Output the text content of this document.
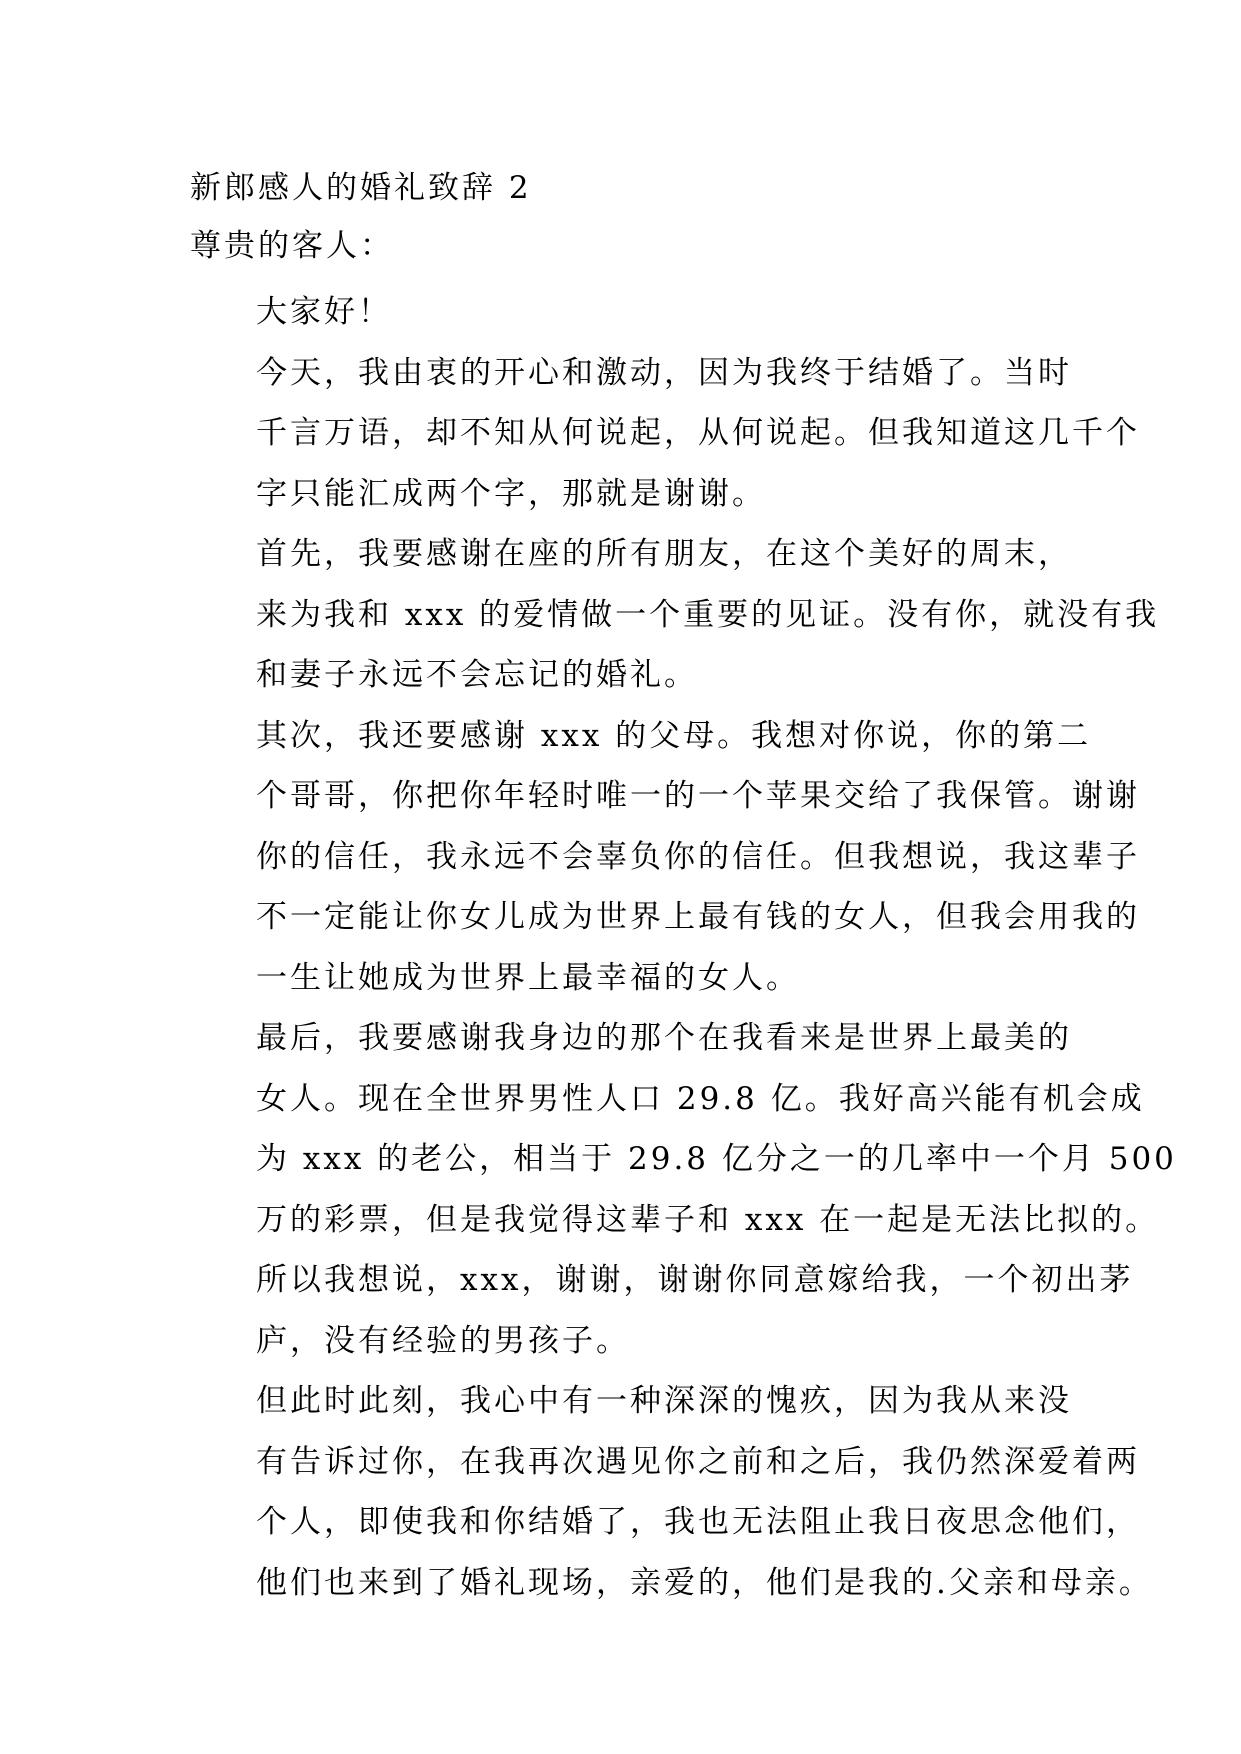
新郎感人的婚礼致辞 2

尊贵的客人：

大家好！

今天，我由衷的开心和激动，因为我终于结婚了。当时
千言万语，却不知从何说起，从何说起。但我知道这几千个
字只能汇成两个字，那就是谢谢。

首先，我要感谢在座的所有朋友，在这个美好的周末，
来为我和 xxx 的爱情做一个重要的见证。没有你，就没有我
和妻子永远不会忘记的婚礼。

其次，我还要感谢 xxx 的父母。我想对你说，你的第二
个哥哥，你把你年轻时唯一的一个苹果交给了我保管。谢谢
你的信任，我永远不会辜负你的信任。但我想说，我这辈子
不一定能让你女儿成为世界上最有钱的女人，但我会用我的
一生让她成为世界上最幸福的女人。

最后，我要感谢我身边的那个在我看来是世界上最美的
女人。现在全世界男性人口 29.8 亿。我好高兴能有机会成
为 xxx 的老公，相当于 29.8 亿分之一的几率中一个月 500
万的彩票，但是我觉得这辈子和 xxx 在一起是无法比拟的。
所以我想说，xxx，谢谢，谢谢你同意嫁给我，一个初出茅
庐，没有经验的男孩子。

但此时此刻，我心中有一种深深的愧疚，因为我从来没
有告诉过你，在我再次遇见你之前和之后，我仍然深爱着两
个人，即使我和你结婚了，我也无法阻止我日夜思念他们，
他们也来到了婚礼现场，亲爱的，他们是我的.父亲和母亲。
